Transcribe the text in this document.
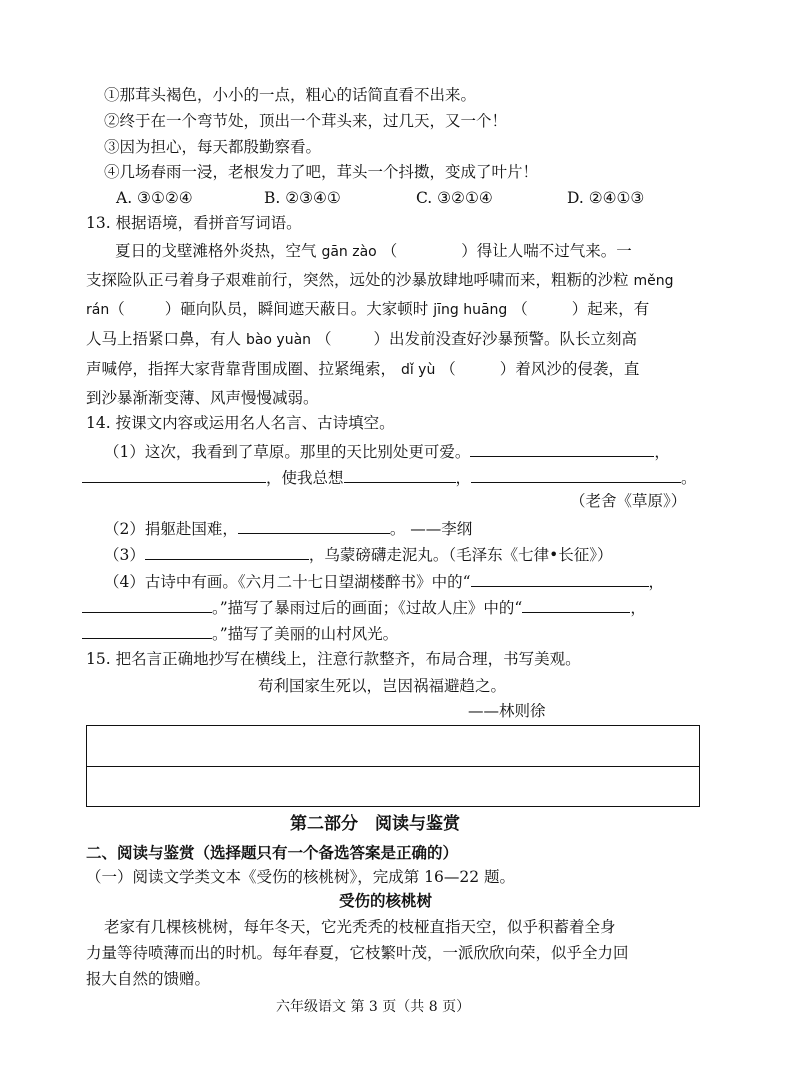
①那茸头褐色，小小的一点，粗心的话简直看不出来。
②终于在一个弯节处，顶出一个茸头来，过几天，又一个！
③因为担心，每天都殷勤察看。
④几场春雨一浸，老根发力了吧，茸头一个抖擞，变成了叶片！
A. ③①②④	B. ②③④①	C. ③②①④	D. ②④①③
13. 根据语境，看拼音写词语。
夏日的戈壁滩格外炎热，空气 gān zào （	）得让人喘不过气来。一
支探险队正弓着身子艰难前行，突然，远处的沙暴放肆地呼啸而来，粗粝的沙粒 měng
rán（	）砸向队员，瞬间遮天蔽日。大家顿时 jīng huāng （	）起来，有
人马上捂紧口鼻，有人 bào yuàn （	）出发前没查好沙暴预警。队长立刻高
声喊停，指挥大家背靠背围成圈、拉紧绳索， dǐ yù （	）着风沙的侵袭，直
到沙暴渐渐变薄、风声慢慢减弱。
14. 按课文内容或运用名人名言、古诗填空。
（1）这次，我看到了草原。那里的天比别处更可爱。	，
，使我总想	，	。
（老舍《草原》）
（2）捐躯赴国难，	。 ——李纲
（3）	，乌蒙磅礴走泥丸。（毛泽东《七律•长征》）
（4）古诗中有画。《六月二十七日望湖楼醉书》中的“	，
。”描写了暴雨过后的画面；《过故人庄》中的“	，
。”描写了美丽的山村风光。
15. 把名言正确地抄写在横线上，注意行款整齐，布局合理，书写美观。
苟利国家生死以，岂因祸福避趋之。
——林则徐
第二部分　阅读与鉴赏
二、阅读与鉴赏（选择题只有一个备选答案是正确的）
（一）阅读文学类文本《受伤的核桃树》，完成第 16—22 题。
受伤的核桃树
老家有几棵核桃树，每年冬天，它光秃秃的枝桠直指天空，似乎积蓄着全身
力量等待喷薄而出的时机。每年春夏，它枝繁叶茂，一派欣欣向荣，似乎全力回
报大自然的馈赠。
六年级语文 第 3 页（共 8 页）
